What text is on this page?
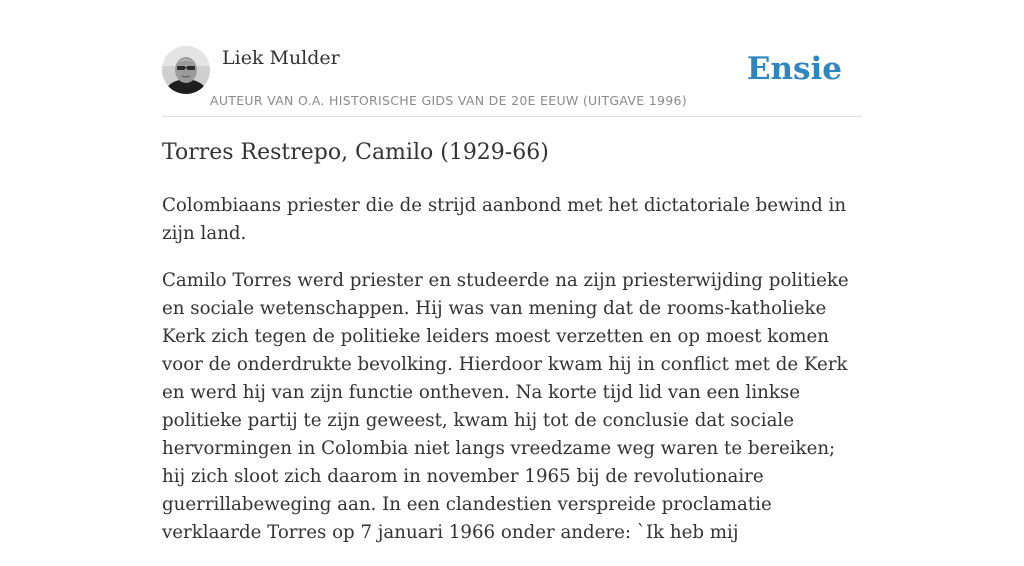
Liek Mulder
AUTEUR VAN O.A. HISTORISCHE GIDS VAN DE 20E EEUW (UITGAVE 1996)
Ensie
Torres Restrepo, Camilo (1929-66)

Colombiaans priester die de strijd aanbond met het dictatoriale bewind in zijn land.

Camilo Torres werd priester en studeerde na zijn priesterwijding politieke en sociale wetenschappen. Hij was van mening dat de rooms-katholieke Kerk zich tegen de politieke leiders moest verzetten en op moest komen voor de onderdrukte bevolking. Hierdoor kwam hij in conflict met de Kerk en werd hij van zijn functie ontheven. Na korte tijd lid van een linkse politieke partij te zijn geweest, kwam hij tot de conclusie dat sociale hervormingen in Colombia niet langs vreedzame weg waren te bereiken; hij zich sloot zich daarom in november 1965 bij de revolutionaire guerrillabeweging aan. In een clandestien verspreide proclamatie verklaarde Torres op 7 januari 1966 onder andere: `Ik heb mij
